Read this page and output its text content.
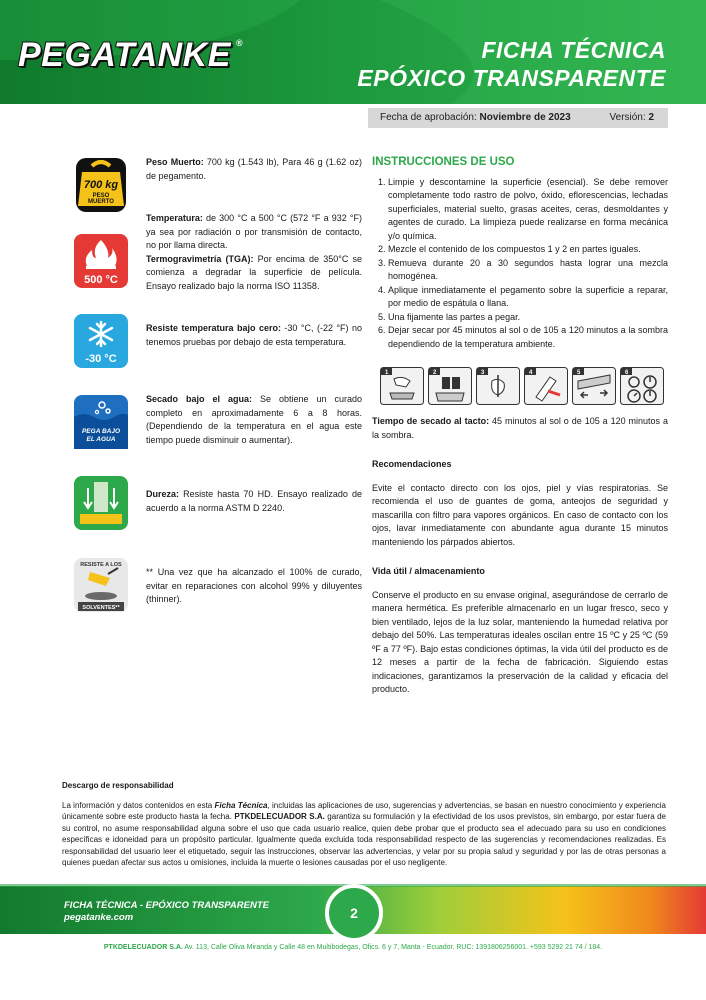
PEGATANKE ®	FICHA TÉCNICA
EPÓXICO TRANSPARENTE
Fecha de aprobación: Noviembre de 2023	Versión: 2
700 kg
PESO
MUERTO
Peso Muerto: 700 kg (1.543 lb), Para 46 g (1.62 oz) de pegamento.
500 °C
Temperatura: de 300 °C a 500 °C (572 °F a 932 °F) ya sea por radiación o por transmisión de contacto, no por llama directa.
Termogravimetría (TGA): Por encima de 350°C se comienza a degradar la superficie de película. Ensayo realizado bajo la norma ISO 11358.
-30 °C
Resiste temperatura bajo cero: -30 °C, (-22 °F) no tenemos pruebas por debajo de esta temperatura.
PEGA BAJO
EL AGUA
Secado bajo el agua: Se obtiene un curado completo en aproximadamente 6 a 8 horas. (Dependiendo de la temperatura en el agua este tiempo puede disminuir o aumentar).
Dureza: Resiste hasta 70 HD. Ensayo realizado de acuerdo a la norma ASTM D 2240.
RESISTE A LOS
SOLVENTES**
** Una vez que ha alcanzado el 100% de curado, evitar en reparaciones con alcohol 99% y diluyentes (thinner).
INSTRUCCIONES DE USO
1. Limpie y descontamine la superficie (esencial). Se debe remover completamente todo rastro de polvo, óxido, eflorescencias, lechadas superficiales, material suelto, grasas aceites, ceras, desmoldantes y agentes de curado. La limpieza puede realizarse en forma mecánica y/o química.
2. Mezcle el contenido de los compuestos 1 y 2 en partes iguales.
3. Remueva durante 20 a 30 segundos hasta lograr una mezcla homogénea.
4. Aplique inmediatamente el pegamento sobre la superficie a reparar, por medio de espátula o llana.
5. Una fijamente las partes a pegar.
6. Dejar secar por 45 minutos al sol o de 105 a 120 minutos a la sombra dependiendo de la temperatura ambiente.
1	2	3	4	5	6

Tiempo de secado al tacto: 45 minutos al sol o de 105 a 120 minutos a la sombra.

Recomendaciones

Evite el contacto directo con los ojos, piel y vías respiratorias. Se recomienda el uso de guantes de goma, anteojos de seguridad y mascarilla con filtro para vapores orgánicos. En caso de contacto con los ojos, lavar inmediatamente con abundante agua durante 15 minutos manteniendo los párpados abiertos.

Vida útil / almacenamiento

Conserve el producto en su envase original, asegurándose de cerrarlo de manera hermética. Es preferible almacenarlo en un lugar fresco, seco y bien ventilado, lejos de la luz solar, manteniendo la humedad relativa por debajo del 50%. Las temperaturas ideales oscilan entre 15 ºC y 25 ºC (59 ºF a 77 ºF). Bajo estas condiciones óptimas, la vida útil del producto es de 12 meses a partir de la fecha de fabricación. Siguiendo estas indicaciones, garantizamos la preservación de la calidad y eficacia del producto.

Descargo de responsabilidad

La información y datos contenidos en esta Ficha Técnica, incluidas las aplicaciones de uso, sugerencias y advertencias, se basan en nuestro conocimiento y experiencia únicamente sobre este producto hasta la fecha. PTKDELECUADOR S.A. garantiza su formulación y la efectividad de los usos previstos, sin embargo, por estar fuera de su control, no asume responsabilidad alguna sobre el uso que cada usuario realice, quien debe probar que el producto sea el adecuado para su uso en condiciones específicas e idoneidad para un propósito particular. Igualmente queda excluida toda responsabilidad respecto de las sugerencias y recomendaciones realizadas. Es responsabilidad del usuario leer el etiquetado, seguir las instrucciones, observar las advertencias, y velar por su propia salud y seguridad y por las de otras personas a quienes puedan afectar sus actos u omisiones, incluida la muerte o lesiones causadas por el uso negligente.

FICHA TÉCNICA - EPÓXICO TRANSPARENTE
pegatanke.com	2
PTKDELECUADOR S.A. Av. 113, Calle Oliva Miranda y Calle 48 en Multibodegas, Ofics. 6 y 7, Manta - Ecuador. RUC: 1391806256001. +593 5292 21 74 / 184.
